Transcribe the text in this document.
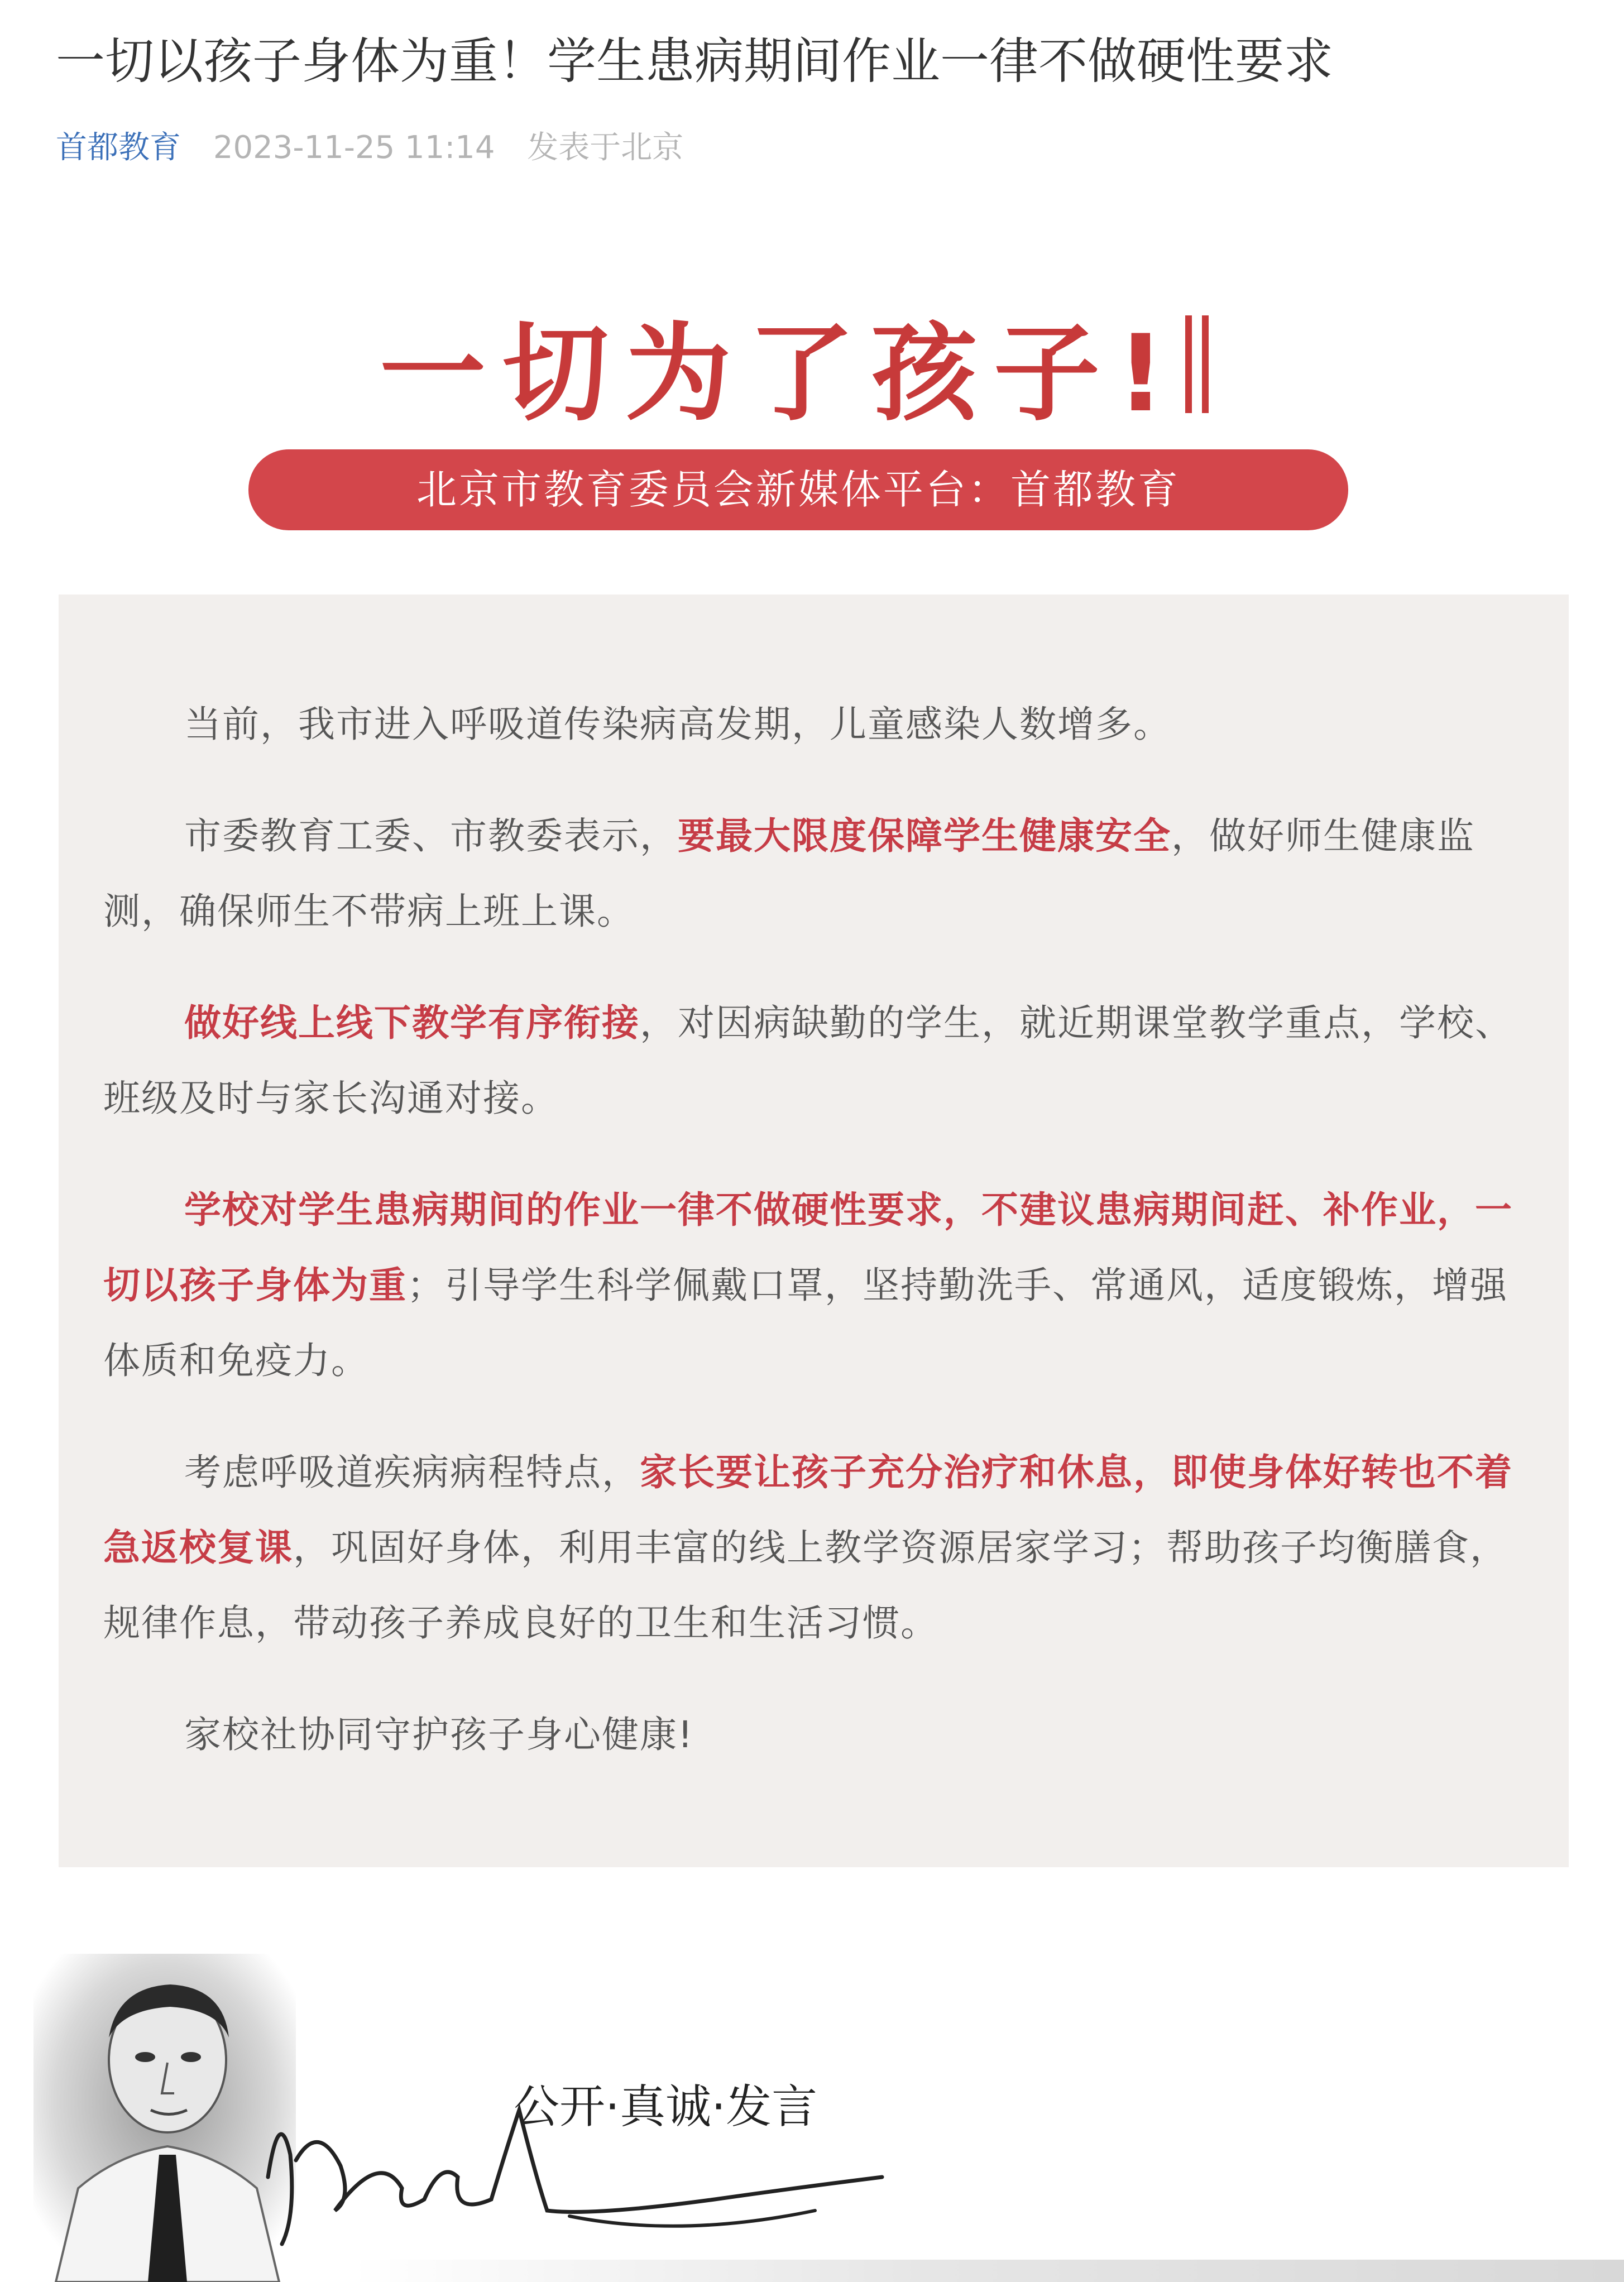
一切以孩子身体为重！学生患病期间作业一律不做硬性要求
首都教育 2023-11-25 11:14 发表于北京
一切为了孩子!
北京市教育委员会新媒体平台：首都教育
当前，我市进入呼吸道传染病高发期，儿童感染人数增多。
市委教育工委、市教委表示，要最大限度保障学生健康安全，做好师生健康监测，确保师生不带病上班上课。
做好线上线下教学有序衔接，对因病缺勤的学生，就近期课堂教学重点，学校、班级及时与家长沟通对接。
学校对学生患病期间的作业一律不做硬性要求，不建议患病期间赶、补作业，一切以孩子身体为重；引导学生科学佩戴口罩，坚持勤洗手、常通风，适度锻炼，增强体质和免疫力。
考虑呼吸道疾病病程特点，家长要让孩子充分治疗和休息，即使身体好转也不着急返校复课，巩固好身体，利用丰富的线上教学资源居家学习；帮助孩子均衡膳食，规律作息，带动孩子养成良好的卫生和生活习惯。
家校社协同守护孩子身心健康!
公开·真诚·发言
